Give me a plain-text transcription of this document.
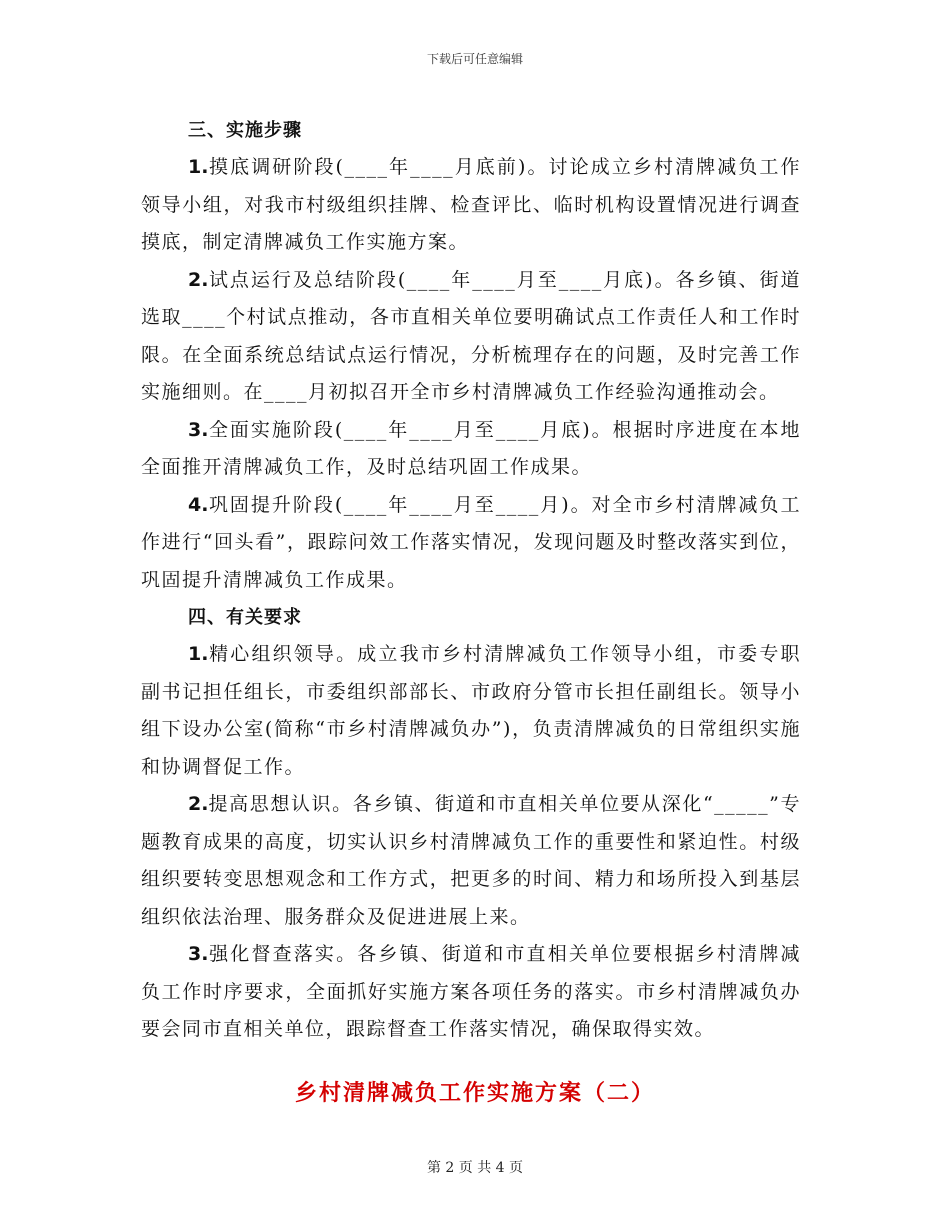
下载后可任意编辑
三、实施步骤

1.摸底调研阶段(____年____月底前)。讨论成立乡村清牌减负工作领导小组，对我市村级组织挂牌、检查评比、临时机构设置情况进行调查摸底，制定清牌减负工作实施方案。

2.试点运行及总结阶段(____年____月至____月底)。各乡镇、街道选取____个村试点推动，各市直相关单位要明确试点工作责任人和工作时限。在全面系统总结试点运行情况，分析梳理存在的问题，及时完善工作实施细则。在____月初拟召开全市乡村清牌减负工作经验沟通推动会。

3.全面实施阶段(____年____月至____月底)。根据时序进度在本地全面推开清牌减负工作，及时总结巩固工作成果。

4.巩固提升阶段(____年____月至____月)。对全市乡村清牌减负工作进行“回头看”，跟踪问效工作落实情况，发现问题及时整改落实到位，巩固提升清牌减负工作成果。

四、有关要求

1.精心组织领导。成立我市乡村清牌减负工作领导小组，市委专职副书记担任组长，市委组织部部长、市政府分管市长担任副组长。领导小组下设办公室(简称“市乡村清牌减负办”)，负责清牌减负的日常组织实施和协调督促工作。

2.提高思想认识。各乡镇、街道和市直相关单位要从深化“_____”专题教育成果的高度，切实认识乡村清牌减负工作的重要性和紧迫性。村级组织要转变思想观念和工作方式，把更多的时间、精力和场所投入到基层组织依法治理、服务群众及促进进展上来。

3.强化督查落实。各乡镇、街道和市直相关单位要根据乡村清牌减负工作时序要求，全面抓好实施方案各项任务的落实。市乡村清牌减负办要会同市直相关单位，跟踪督查工作落实情况，确保取得实效。

乡村清牌减负工作实施方案（二）
第 2 页 共 4 页
